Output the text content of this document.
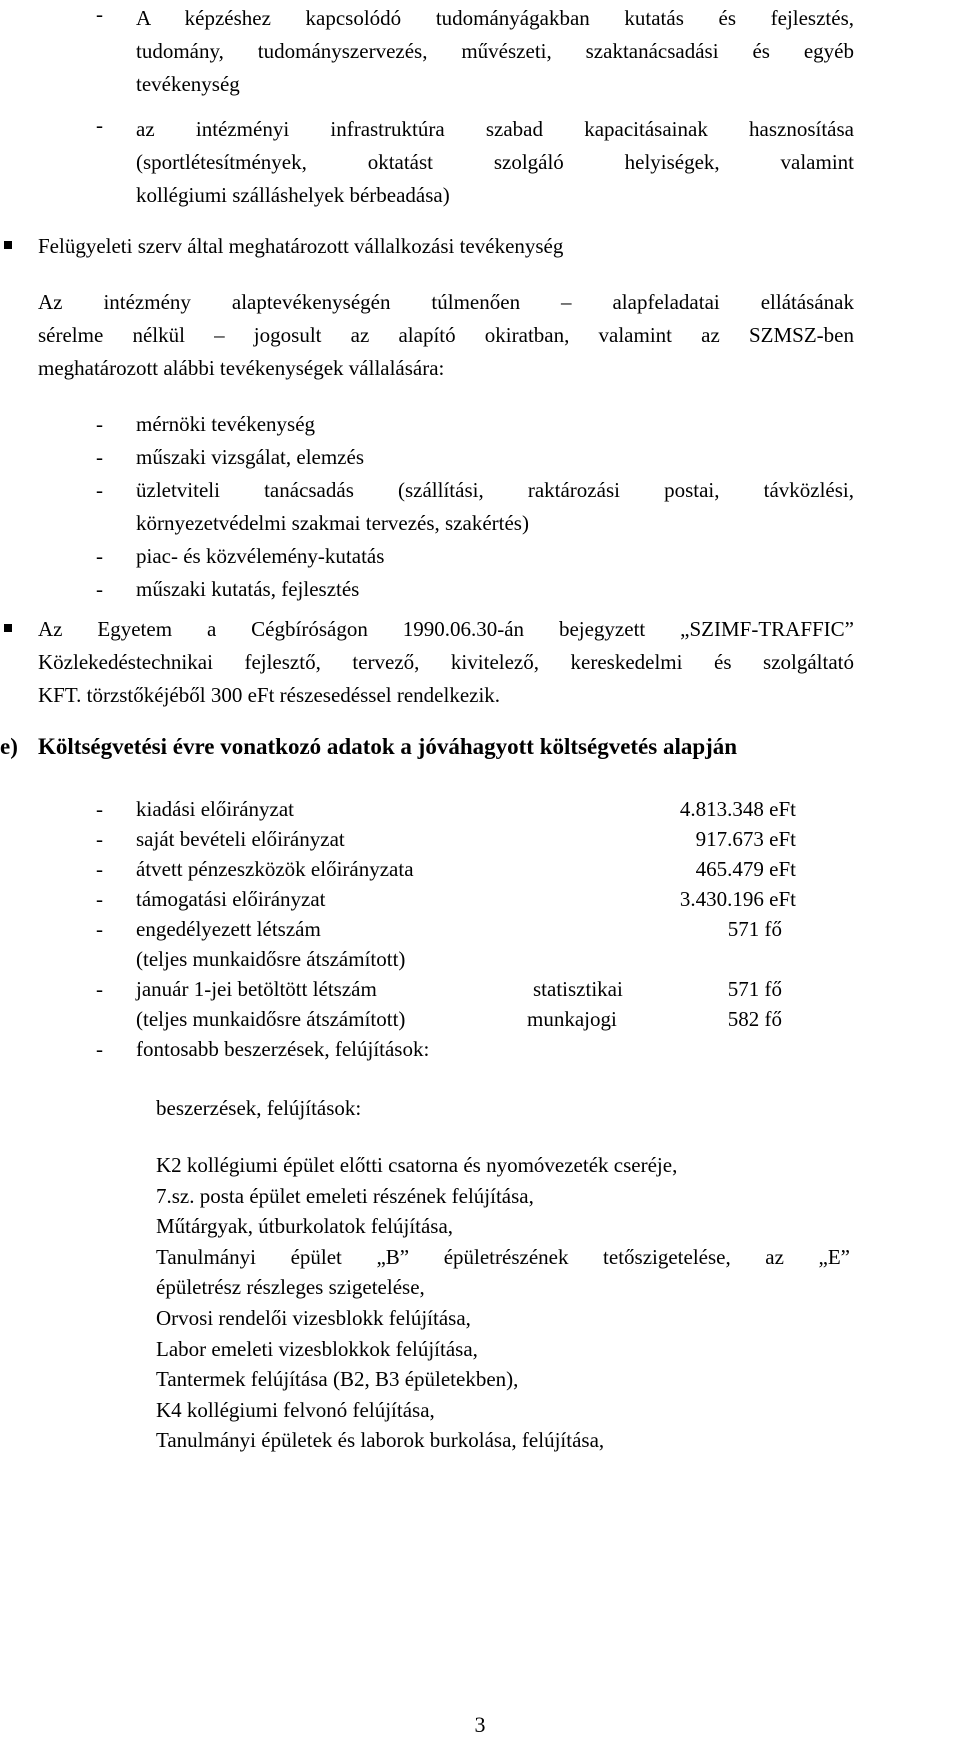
- A képzéshez kapcsolódó tudományágakban kutatás és fejlesztés,
tudomány, tudományszervezés, művészeti, szaktanácsadási és egyéb
tevékenység
- az intézményi infrastruktúra szabad kapacitásainak hasznosítása
(sportlétesítmények, oktatást szolgáló helyiségek, valamint
kollégiumi szálláshelyek bérbeadása)
Felügyeleti szerv által meghatározott vállalkozási tevékenység
Az intézmény alaptevékenységén túlmenően – alapfeladatai ellátásának
sérelme nélkül – jogosult az alapító okiratban, valamint az SZMSZ-ben
meghatározott alábbi tevékenységek vállalására:
- mérnöki tevékenység
- műszaki vizsgálat, elemzés
-	üzletviteli tanácsadás (szállítási, raktározási postai, távközlési,
környezetvédelmi szakmai tervezés, szakértés)
- piac- és közvélemény-kutatás
- műszaki kutatás, fejlesztés
Az Egyetem a Cégbíróságon 1990.06.30-án bejegyzett „SZIMF-TRAFFIC”
Közlekedéstechnikai fejlesztő, tervező, kivitelező, kereskedelmi és szolgáltató
KFT. törzstőkéjéből 300 eFt részesedéssel rendelkezik.
e) Költségvetési évre vonatkozó adatok a jóváhagyott költségvetés alapján
- kiadási előirányzat	4.813.348 eFt
- saját bevételi előirányzat	917.673 eFt
- átvett pénzeszközök előirányzata	465.479 eFt
- támogatási előirányzat	3.430.196 eFt
- engedélyezett létszám	571 fő
(teljes munkaidősre átszámított)
- január 1-jei betöltött létszám	statisztikai	571 fő
(teljes munkaidősre átszámított)	munkajogi	582 fő
- fontosabb beszerzések, felújítások:
beszerzések, felújítások:
K2 kollégiumi épület előtti csatorna és nyomóvezeték cseréje,
7.sz. posta épület emeleti részének felújítása,
Műtárgyak, útburkolatok felújítása,
Tanulmányi épület „B” épületrészének tetőszigetelése, az „E”
épületrész részleges szigetelése,
Orvosi rendelői vizesblokk felújítása,
Labor emeleti vizesblokkok felújítása,
Tantermek felújítása (B2, B3 épületekben),
K4 kollégiumi felvonó felújítása,
Tanulmányi épületek és laborok burkolása, felújítása,
3
